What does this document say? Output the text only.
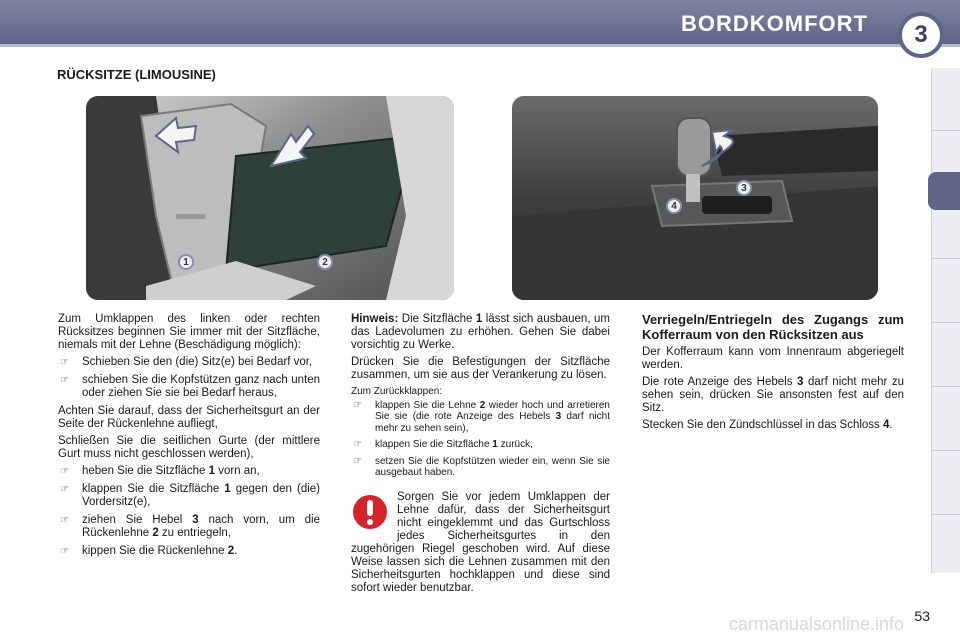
BORDKOMFORT	3
RÜCKSITZE (LIMOUSINE)
1	2
3
4

Zum Umklappen des linken oder rechten Rücksitzes beginnen Sie immer mit der Sitzfläche, niemals mit der Lehne (Beschädigung möglich):

☞ Schieben Sie den (die) Sitz(e) bei Bedarf vor,
☞ schieben Sie die Kopfstützen ganz nach unten oder ziehen Sie sie bei Bedarf heraus,

Achten Sie darauf, dass der Sicherheitsgurt an der Seite der Rückenlehne aufliegt,

Schließen Sie die seitlichen Gurte (der mittlere Gurt muss nicht geschlossen werden),

☞ heben Sie die Sitzfläche 1 vorn an,
☞ klappen Sie die Sitzfläche 1 gegen den (die) Vordersitz(e),
☞ ziehen Sie Hebel 3 nach vorn, um die Rückenlehne 2 zu entriegeln,
☞ kippen Sie die Rückenlehne 2.

Hinweis: Die Sitzfläche 1 lässt sich ausbauen, um das Ladevolumen zu erhöhen. Gehen Sie dabei vorsichtig zu Werke.

Drücken Sie die Befestigungen der Sitzfläche zusammen, um sie aus der Verankerung zu lösen.

Zum Zurückklappen:

☞ klappen Sie die Lehne 2 wieder hoch und arretieren Sie sie (die rote Anzeige des Hebels 3 darf nicht mehr zu sehen sein),
☞ klappen Sie die Sitzfläche 1 zurück,
☞ setzen Sie die Kopfstützen wieder ein, wenn Sie sie ausgebaut haben.

Sorgen Sie vor jedem Umklappen der Lehne dafür, dass der Sicherheitsgurt nicht eingeklemmt und das Gurtschloss jedes Sicherheitsgurtes in den zugehörigen Riegel geschoben wird. Auf diese Weise lassen sich die Lehnen zusammen mit den Sicherheitsgurten hochklappen und diese sind sofort wieder benutzbar.

Verriegeln/Entriegeln des Zugangs zum Kofferraum von den Rücksitzen aus

Der Kofferraum kann vom Innenraum abgeriegelt werden.

Die rote Anzeige des Hebels 3 darf nicht mehr zu sehen sein, drücken Sie ansonsten fest auf den Sitz.

Stecken Sie den Zündschlüssel in das Schloss 4.

carmanualsonline.info 53
